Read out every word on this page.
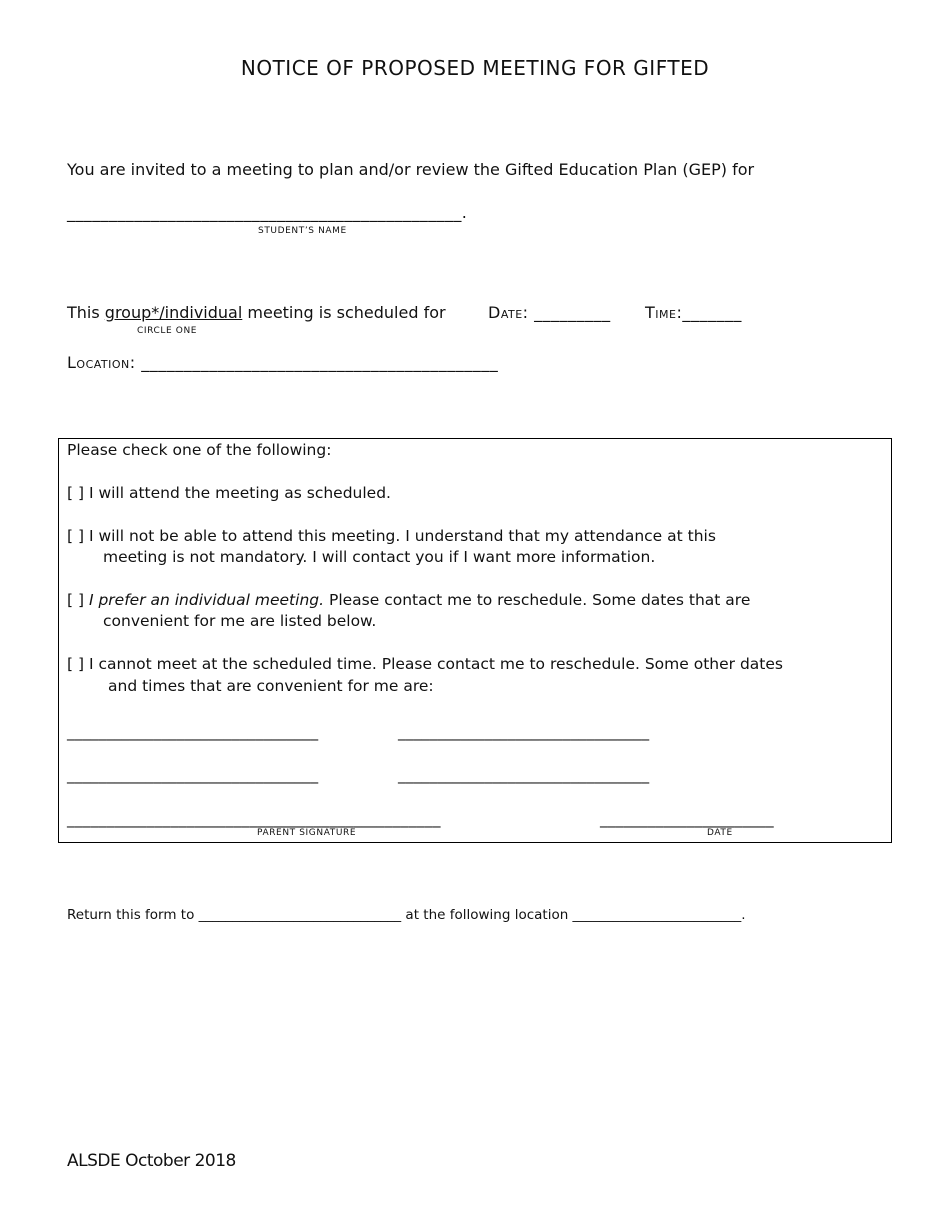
NOTICE OF PROPOSED MEETING FOR GIFTED
You are invited to a meeting to plan and/or review the Gifted Education Plan (GEP) for
_______________________________________________.
STUDENT’S NAME
This group*/individual meeting is scheduled for
CIRCLE ONE
Date: _________ Time:_______
Location: __________________________________________
Please check one of the following:
[ ] I will attend the meeting as scheduled.
[ ] I will not be able to attend this meeting. I understand that my attendance at this
meeting is not mandatory. I will contact you if I want more information.
[ ] I prefer an individual meeting. Please contact me to reschedule. Some dates that are
convenient for me are listed below.
[ ] I cannot meet at the scheduled time. Please contact me to reschedule. Some other dates
and times that are convenient for me are:
________________________________	________________________________
________________________________	________________________________
_______________________________________________	______________________
PARENT SIGNATURE	DATE
Return this form to ______________________________ at the following location _________________________.
ALSDE October 2018
